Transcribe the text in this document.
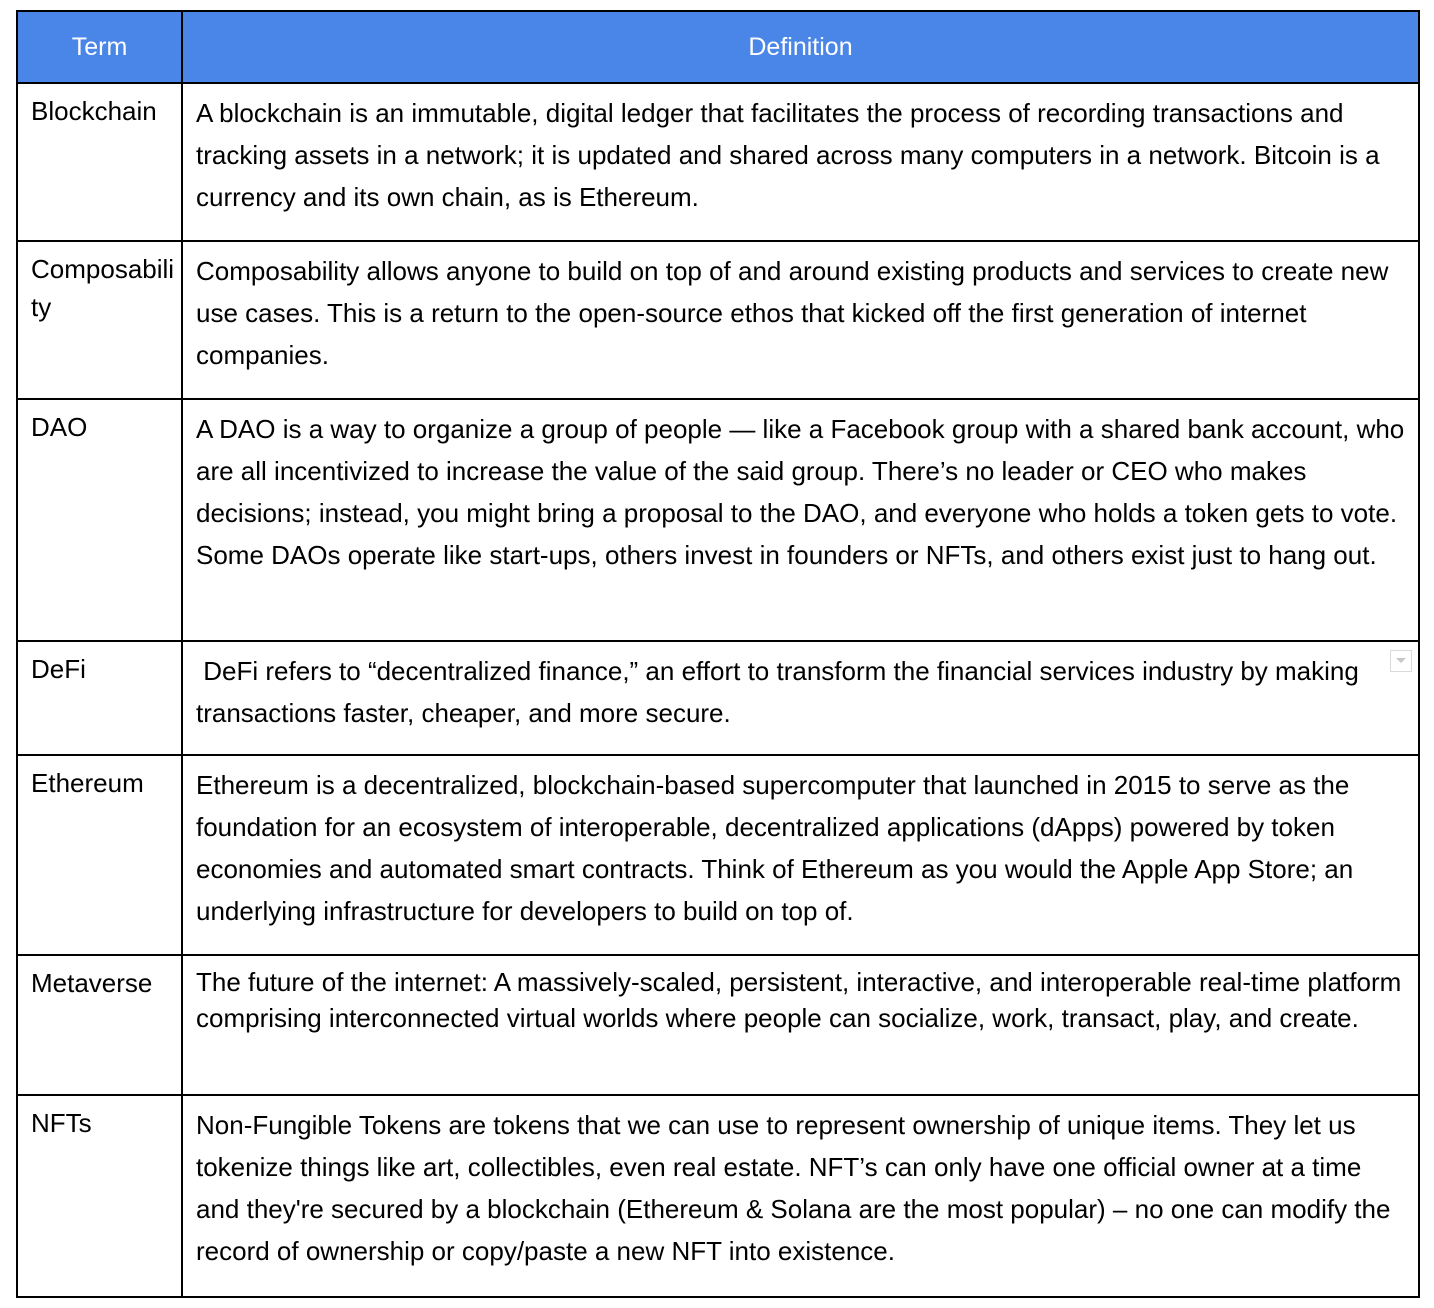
Term	Definition
Blockchain	A blockchain is an immutable, digital ledger that facilitates the process of recording transactions and tracking assets in a network; it is updated and shared across many computers in a network. Bitcoin is a currency and its own chain, as is Ethereum.
Composability	Composability allows anyone to build on top of and around existing products and services to create new use cases. This is a return to the open-source ethos that kicked off the first generation of internet companies.
DAO	A DAO is a way to organize a group of people — like a Facebook group with a shared bank account, who are all incentivized to increase the value of the said group. There’s no leader or CEO who makes decisions; instead, you might bring a proposal to the DAO, and everyone who holds a token gets to vote. Some DAOs operate like start-ups, others invest in founders or NFTs, and others exist just to hang out.
DeFi	DeFi refers to “decentralized finance,” an effort to transform the financial services industry by making transactions faster, cheaper, and more secure.

Ethereum	Ethereum is a decentralized, blockchain-based supercomputer that launched in 2015 to serve as the foundation for an ecosystem of interoperable, decentralized applications (dApps) powered by token economies and automated smart contracts. Think of Ethereum as you would the Apple App Store; an underlying infrastructure for developers to build on top of.
Metaverse	The future of the internet: A massively-scaled, persistent, interactive, and interoperable real-time platform comprising interconnected virtual worlds where people can socialize, work, transact, play, and create.
NFTs	Non-Fungible Tokens are tokens that we can use to represent ownership of unique items. They let us tokenize things like art, collectibles, even real estate. NFT’s can only have one official owner at a time and they're secured by a blockchain (Ethereum & Solana are the most popular) – no one can modify the record of ownership or copy/paste a new NFT into existence.
